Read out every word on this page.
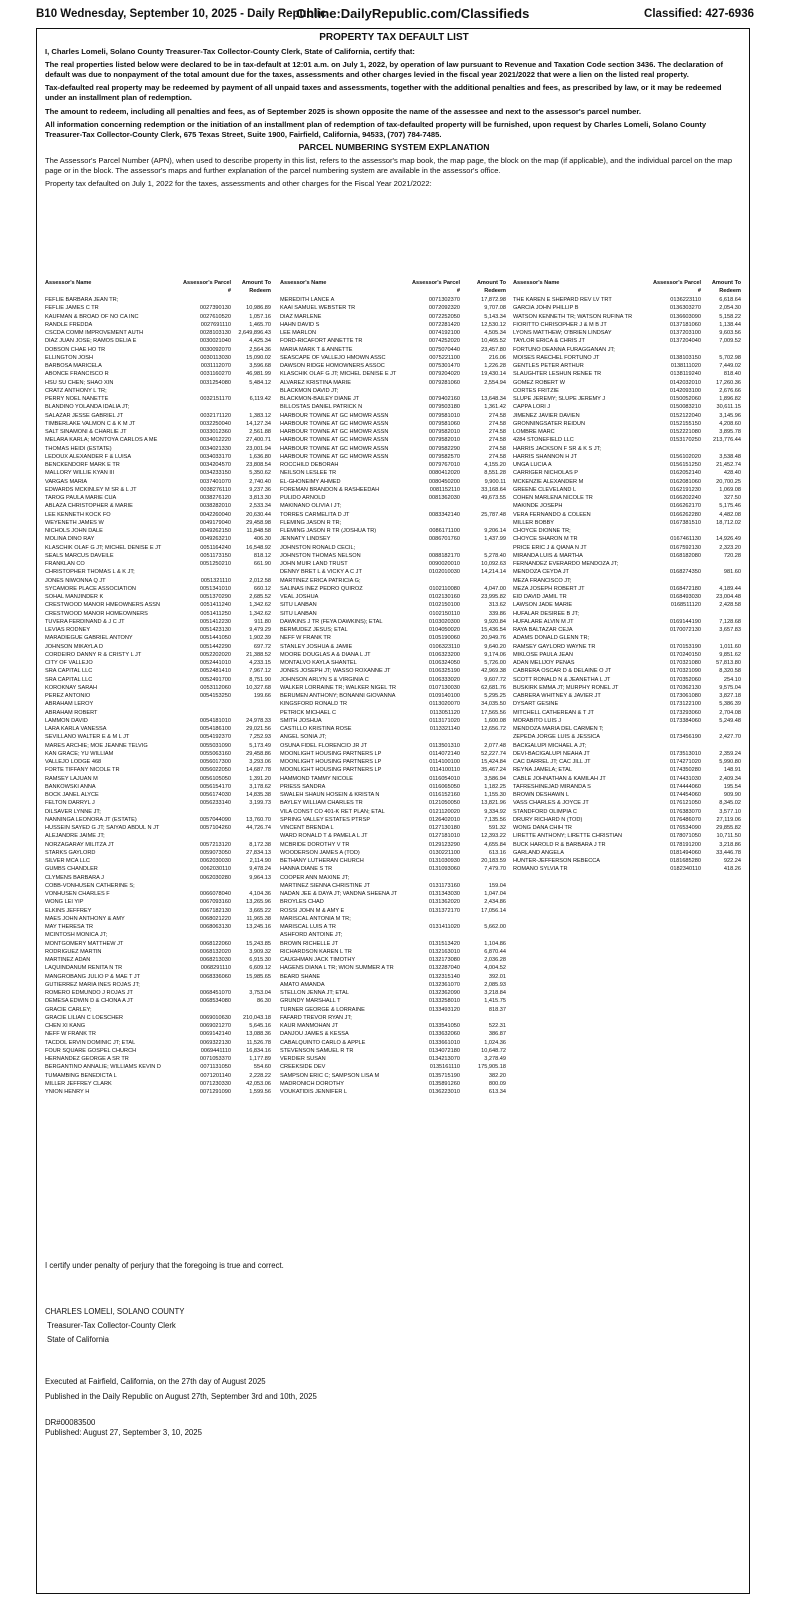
B10 Wednesday, September 10, 2025 - Daily Republic
Online:DailyRepublic.com/Classifieds	Classified: 427-6936

PROPERTY TAX DEFAULT LIST

I, Charles Lomeli, Solano County Treasurer-Tax Collector-County Clerk, State of California, certify that:

The real properties listed below were declared to be in tax-default at 12:01 a.m. on July 1, 2022, by operation of law pursuant to Revenue and Taxation Code section 3436. The declaration of default was due to nonpayment of the total amount due for the taxes, assessments and other charges levied in the fiscal year 2021/2022 that were a lien on the listed real property.

Tax-defaulted real property may be redeemed by payment of all unpaid taxes and assessments, together with the additional penalties and fees, as prescribed by law, or it may be redeemed under an installment plan of redemption.

The amount to redeem, including all penalties and fees, as of September 2025 is shown opposite the name of the assessee and next to the assessor's parcel number.

All information concerning redemption or the initiation of an installment plan of redemption of tax-defaulted property will be furnished, upon request by Charles Lomeli, Solano County Treasurer-Tax Collector-County Clerk, 675 Texas Street, Suite 1900, Fairfield, California, 94533, (707) 784-7485.

PARCEL NUMBERING SYSTEM EXPLANATION

The Assessor's Parcel Number (APN), when used to describe property in this list, refers to the assessor's map book, the map page, the block on the map (if applicable), and the individual parcel on the map page or in the block. The assessor's maps and further explanation of the parcel numbering system are available in the assessor's office.

Property tax defaulted on July 1, 2022 for the taxes, assessments and other charges for the Fiscal Year 2021/2022:

Assessor's Name	Assessor's Parcel #
Amount To Redeem
FEFLIE BARBARA JEAN TR;
FEFLIE JAMES C TR	0027390130	10,986.89
KAUFMAN & BROAD OF NO CA INC	0027610520	1,057.16
RANDLE FREDDA	0027691110	1,465.70
CSCDA COMM IMPROVEMENT AUTH	0028103130	2,649,896.43
DIAZ JUAN JOSE; RAMOS DELIA E	0030021040	4,425.34
DOBSON CHAE HO TR	0030092070	2,564.36
ELLINGTON JOSH	0030113030	15,090.02
BARBOSA MARICELA	0031112070	3,596.68
ABONCE FRANCISCO R	0031160270	46,981.99
HSU SU CHEN; SHAO XIN	0031254080	5,484.12
CRATZ ANTHONY L TR;
PERRY NOEL NANETTE	0032151170	6,119.42
BLANDINO YOLANDA IDALIA JT;
SALAZAR JESSE GABRIEL JT	0032171120	1,383.12
TIMBERLAKE VALMON C & K M JT	0032250040	14,127.34
SALT SINAMONI & CHARLIE JT	0033012360	2,561.88
MELARA KARLA; MONTOYA CARLOS A ME	0034012220	27,400.71
THOMAS HEIDI (ESTATE)	0034021330	23,001.94
LEDOUX ALEXANDER F & LUISA	0034033170	1,636.80
BENCKENDORF MARK E TR	0034204570	23,808.54
MALLORY WILLIE KYAN III	0034233150	5,350.62
VARGAS MARIA	0037401070	2,740.40
EDWARDS MCKINLEY M SR & L JT	0038276110	9,237.36
TAROG PAULA MARIE CUA	0038276120	3,813.30
ABLAZA CHRISTOPHER & MARIE	0038282010	2,533.34
LEE KENNETH KOCK FO	0042260040	20,630.44
WEYENETH JAMES W	0049179040	29,458.98
NICHOLS JOHN DALE	0049262150	11,848.58
MOLINA DINO RAY	0049263210	406.30
KLASCHIK OLAF G JT; MICHEL DENISE E JT	0051164240	16,548.92
SEALS MARCUS DAVEILE	0051173150	818.12
FRANKLAN CO	0051250210	661.90
CHRISTOPHER THOMAS L & K JT;
JONES NIWONNA Q JT	0051321110	2,012.58
SYCAMORE PLACE ASSOCIATION	0051341010	660.12
SOHAL MANJINDER K	0051370290	2,685.52
CRESTWOOD MANOR HMEOWNERS ASSN	0051411240	1,342.62
CRESTWOOD MANOR HOMEOWNERS	0051411250	1,342.62
TUVERA FERDINAND & J C JT	0051412230	911.80
LEVIAS RODNEY	0051423130	9,479.29
MARADIEGUE GABRIEL ANTONY	0051441050	1,902.39
JOHNSON MIKAYLA D	0051442290	697.72
CORDEIRO DANNY R & CRISTY L JT	0052202020	21,388.52
CITY OF VALLEJO	0052441010	4,233.15
SRA CAPITAL LLC	0052481410	7,967.12
SRA CAPITAL LLC	0052491700	8,751.90
KOROKNAY SARAH	0053112060	10,327.68
PEREZ ANTONIO	0054153250	199.66
ABRAHAM LEROY
ABRAHAM ROBERT
LAMMON DAVID	0054181010	24,978.33
LARA KARLA VANESSA	0054186100	29,021.56
SEVILLANO WALTER E & M L JT	0054192370	7,252.93
MARES ARCHIE; MOE JEANNE TELVIG	0055031090	5,173.49
KAN GRACE; YU WILLIAM	0055063160	29,458.86
VALLEJO LODGE 468	0056017300	3,293.06
FORTE TIFFANY NICOLE TR	0056022050	14,687.78
RAMSEY LAJUAN M	0056105050	1,391.20
BANKOWSKI ANNA	0056154170	3,178.62
BOCK JANEL ALYCE	0056174030	14,835.38
FELTON DARRYL J	0056233140	3,199.73
DILSAVER LYNNE JT;
NANNINGA LEONORA JT (ESTATE)	0057044090	13,760.70
HUSSEIN SAYED G JT; SAIYAD ABDUL N JT	0057104260	44,726.74
ALEJANDRE JAIME JT;
NORZAGARAY MILITZA JT	0057213120	8,172.38
STARKS GAYLORD	0059073050	27,834.13
SILVER MCA LLC	0062030030	2,114.90
GUMBS CHANDLER	0062030110	9,478.24
CLYMENS BARBARA J	0062030280	9,964.13
COBB-VONHUSEN CATHERINE S;
VONHUSEN CHARLES F	0066078040	4,104.36
WONG LEI YIP	0067093160	13,265.96
ELKINS JEFFREY	0067182130	3,665.22
MAES JOHN ANTHONY & AMY	0068021220	11,965.38
MAY THERESA TR	0068063130	13,245.16
MCINTOSH MONICA JT;
MONTGOMERY MATTHEW JT	0068122060	15,243.85
RODRIGUEZ MARTIN	0068132020	3,909.32
MARTINEZ ADAN	0068213030	6,915.30
LAQUINDANUM RENITA N TR	0068291110	6,609.12
MANGROBANG JULIO P & MAE T JT	0068336060	15,985.65
GUTIERREZ MARIA INES ROJAS JT;
ROMERO EDMUNDO J ROJAS JT	0068451070	3,753.04
DEMESA EDWIN D & CHONA A JT	0068534080	86.30
GRACIE CARLEY;
GRACIE LILIAN C LOESCHER	0069010630	210,043.18
CHEN XI KANG	0069021270	5,645.16
NEFF W FRANK TR	0069142140	13,088.36
TACDOL ERVIN DOMINIC JT; ETAL	0069322130	11,526.78
FOUR SQUARE GOSPEL CHURCH	0069441110	16,834.16
HERNANDEZ GEORGE A SR TR	0071053370	1,177.89
BERGANTINO ANNALIE; WILLIAMS KEVIN D	0071131050	554.60
TUMAMBING BENEDICTA L	0071201140	2,228.22
MILLER JEFFREY CLARK	0071230330	42,053.06
YNION HENRY H	0071291090	1,599.56
Assessor's Name	Assessor's Parcel #
Amount To Redeem
MEREDITH LANCE A	0071302370	17,872.98
KAAI SAMUEL WEBSTER TR	0072092320	9,707.08
DIAZ MARLENE	0072252050	5,143.34
HAHN DAVID S	0072281420	12,530.12
LEE MARLON	0074192100	4,505.34
FORD-RICAFORT ANNETTE TR	0074252020	10,465.52
MARIA MARK T & ANNETTE	0075070440	23,457.80
SEASCAPE OF VALLEJO HMOWN ASSC	0075221100	216.06
DAWSON RIDGE HOMOWNERS ASSOC	0075301470	1,226.28
KLASCHIK OLAF G JT; MICHEL DENISE E JT	0079204020	19,430.14
ALVAREZ KRISTINA MARIE	0079281060	2,554.94
BLACKMON DAVID JT;
BLACKMON-BAILEY DIANE JT	0079402160	13,648.34
BILLOSTAS DANIEL PATRICK N	0079503180	1,361.42
HARBOUR TOWNE AT GC HMOWR ASSN	0079581010	274.58
HARBOUR TOWNE AT GC HMOWR ASSN	0079581060	274.58
HARBOUR TOWNE AT GC HMOWR ASSN	0079582010	274.58
HARBOUR TOWNE AT GC HMOWR ASSN	0079582010	274.58
HARBOUR TOWNE AT GC HMOWR ASSN	0079582290	274.58
HARBOUR TOWNE AT GC HMOWR ASSN	0079582570	274.58
ROCCHILD DEBORAH	0079767010	4,155.20
NEILSON LESLEE TR	0080412020	8,551.28
EL-GHONEIMY AHMED	0080450200	9,900.11
FOREMAN BRANDON & RASHEEDAH	0081152110	33,168.64
PULIDO ARNOLD	0081362030	49,673.55
MAKINANO OLIVIA I JT;
TORRES CARMELITA D JT	0083342140	25,787.48
FLEMING JASON R TR;
FLEMING JASON R TR (JOSHUA TR)	0086171100	9,206.14
JENNATY LINDSEY	0086701760	1,437.99
JOHNSTON RONALD CECIL;
JOHNSTON THOMAS NELSON	0088182170	5,278.40
JOHN MUIR LAND TRUST	0090020010	10,092.63
DENNY BRET L & VICKY A C JT	0102010030	14,214.14
MARTINEZ ERICA PATRICIA G;
SALINAS INEZ PEDRO QUIROZ	0102110080	4,047.00
VEAL JOSHUA	0102130160	23,995.82
SITU LANBAN	0102150100	313.62
SITU LANBAN	0102150110	339.86
DAWKINS J TR (FEYA DAWKINS); ETAL	0103020300	9,920.84
BERMUDEZ JESUS; ETAL	0104050020	15,436.54
NEFF W FRANK TR	0105190060	20,949.76
STANLEY JOSHUA & JAMIE	0106323110	9,640.20
MOORE DOUGLAS A & DIANA L JT	0106323200	9,174.06
MONTALVO KAYLA SHANTEL	0106324050	5,726.00
JONES JOSEPH JT; WASSO ROXANNE JT	0106325190	42,969.38
JOHNSON ARLYN S & VIRGINIA C	0106333020	9,607.72
WALKER LORRAINE TR; WALKER NIGEL TR	0107130030	62,681.76
BERUMEN ANTHONY; BONANNI GIOVANNA	0109140100	5,295.25
KINGSFORD RONALD TR	0113020070	34,035.50
PETRICK MICHAEL C	0113051120	17,565.56
SMITH JOSHUA	0113171020	1,600.08
CASTILLO KRISTINA ROSE	0113321140	12,656.72
ANGEL SONIA JT;
OSUNA FIDEL FLORENCIO JR JT	0113501310	2,077.48
MOONLIGHT HOUSING PARTNERS LP	0114072140	52,227.74
MOONLIGHT HOUSING PARTNERS LP	0114100100	15,424.84
MOONLIGHT HOUSING PARTNERS LP	0114100110	35,467.24
HAMMOND TAMMY NICOLE	0116054010	3,586.94
PRIESS SANDRA	0116065050	1,182.25
SWALEH SHAUN HOSEIN & KRISTA N	0116152160	1,155.30
BAYLEY WILLIAM CHARLES TR	0121050050	13,821.96
VILA CONST CO 401-K RET PLAN; ETAL	0121120020	9,334.92
SPRING VALLEY ESTATES PTRSP	0126402010	7,135.56
VINCENT BRENDA L	0127130180	591.32
WARD RONALD T & PAMELA L JT	0127181010	12,393.22
MCBRIDE DOROTHY V TR	0129123290	4,655.84
WOODERSON JAMES A (TOD)	0130221100	613.16
BETHANY LUTHERAN CHURCH	0131030930	20,183.59
HANNA DIANE S TR	0131093060	7,479.70
COOPER ANN MAXINE JT;
MARTINEZ SIENNA CHRISTINE JT	0131173160	159.04
NADAN JEE & DAYA JT; VANDNA SHEENA JT	0131343030	1,047.04
BROYLES CHAD	0131362020	2,434.86
ROSSI JOHN M & AMY E	0131372170	17,056.14
MARISCAL ANTONIA M TR;
MARISCAL LUIS A TR	0131411020	5,662.00
ASHFORD ANTOINE JT;
BROWN RICHELLE JT	0131513420	1,104.86
RICHARDSON KAREN L TR	0132163010	6,870.44
CAUGHMAN JACK TIMOTHY	0132173080	2,036.28
HAGENS DIANA L TR; WION SUMMER A TR	0132287040	4,004.52
BEARD SHANE	0132315140	392.01
AMATO AMANDA	0132361070	2,085.93
STELLON JENNA JT; ETAL	0132362090	3,218.84
GRUNDY MARSHALL T	0133258010	1,415.75
TURNER GEORGE & LORRAINE	0133493120	818.37
FAFARD TREVOR RYAN JT;
KAUR MANMOHAN JT	0133541050	522.31
DANJOU JAMES & KESSA	0133632060	386.87
CABALQUINTO CARLO & APPLE	0133661010	1,024.36
STEVENSON SAMUEL R TR	0134072180	10,648.72
VERDIER SUSAN	0134213070	3,278.49
CREEKSIDE DEV	0135161110	175,905.18
SAMPSON ERIC C; SAMPSON LISA M	0135715190	382.20
MADRONICH DOROTHY	0135891260	800.09
VOUKATIDIS JENNIFER L	0136223010	613.34
Assessor's Name	Assessor's Parcel #
Amount To Redeem
THE KAREN E SHEPARD REV LV TRT	0136223110	6,618.64
GARCIA JOHN PHILLIP B	0136303270	2,054.30
WATSON KENNETH TR; WATSON RUFINA TR	0136603090	5,158.22
FIORITTO CHRISOPHER J & M B JT	0137181060	1,138.44
LYONS MATTHEW; O'BRIEN LINDSAY	0137203100	9,603.56
TAYLOR ERICA & CHRIS JT	0137204040	7,009.52
FORTUNO DEANNA FURAGGANAN JT;
MOISES RAECHEL FORTUNO JT	0138103150	5,702.98
GENTLES PETER ARTHUR	0138111020	7,449.02
SLAUGHTER LESHUN RENEE TR	0138119240	818.40
GOMEZ ROBERT W	0142032010	17,260.36
CORTES FRITZIE	0142093100	2,676.66
SLUPE JEREMY; SLUPE JEREMY J	0150052060	1,896.82
CAPPA LORI J	0150083210	30,611.15
JIMENEZ JAVIER DAVIEN	0152122040	3,145.96
GRONNINGSATER REIDUN	0152155150	4,208.60
LOMBRE MARC	0152221080	3,895.78
4284 STONEFIELD LLC	0153170250	213,776.44
HARRIS JACKSON F SR & K S JT;
HARRIS SHANNON H JT	0156102020	3,538.48
UNGA LUCIA A	0156151250	21,452.74
CARRIGER NICHOLAS P	0162052140	428.40
MCKENZIE ALEXANDER M	0162081060	20,700.25
GREENE CLEVELAND L	0162191230	1,069.08
COHEN MARLENA NICOLE TR	0166202240	327.50
MAKINDE JOSEPH	0166262170	5,175.46
VERA FERNANDO & COLEEN	0166262280	4,482.08
MILLER BOBBY	0167381510	18,712.02
CHOYCE DIONNE TR;
CHOYCE SHARON M TR	0167461130	14,926.49
PRICE ERIC J & QIANA N JT	0167592130	2,323.20
MIRANDA LUIS & MARTHA	0168182080	720.28
FERNANDEZ EVERARDO MENDOZA JT;
MENDOZA CEYDA JT	0168274350	981.60
MEZA FRANCISCO JT;
MEZA JOSEPH ROBERT JT	0168472180	4,189.44
EID DAVID JAMIL TR	0168493030	23,004.48
LAWSON JADE MARIE	0168511120	2,428.58
HUFALAR DESIREE B JT;
HUFALARE ALVIN M JT	0169144190	7,128.68
RAYA BALTAZAR CEJA	0170072130	3,657.83
ADAMS DONALD GLENN TR;
RAMSEY GAYLORD WAYNE TR	0170153190	1,011.60
MIKLOSE PAULA JEAN	0170240150	9,851.62
ADAN MELIJOY PENAS	0170321080	57,813.80
CABRERA OSCAR D & DELAINE O JT	0170321090	8,320.58
SCOTT RONALD N & JEANETHA L JT	0170352060	254.10
BUSKIRK EMMA JT; MURPHY RONEL JT	0170362130	9,575.04
CABRERA WHITNEY & JAVIER JT	0173061080	3,827.18
DYSART GESINE	0173122100	5,386.39
MITCHELL CATHEREAN & T JT	0173293060	2,704.08
MORABITO LUIS J	0173384060	5,249.48
MENDOZA MARIA DEL CARMEN T;
ZEPEDA JORGE LUIS & JESSICA	0173456190	2,427.70
BACIGALUPI MICHAEL A JT;
DEVI-BACIGALUPI NEAHA JT	0173513010	2,359.24
CAC DARREL JT; CAC JILL JT	0174271020	5,990.80
REYNA JAMELA; ETAL	0174350280	148.91
CABLE JOHNATHAN & KAMILAH JT	0174431030	2,409.34
TAFRESHINEJAD MIRANDA S	0174444060	195.54
BROWN DESHAWN L	0174454060	909.90
VASS CHARLES & JOYCE JT	0176121050	8,345.02
STANDFORD OLIMPIA C	0176383070	3,577.10
DRURY RICHARD N (TOD)	0176486070	27,119.06
WONG DANA CHIH TR	0176534090	29,855.82
LIRETTE ANTHONY; LIRETTE CHRISTIAN	0178071050	10,711.50
BUCK HAROLD R & BARBARA J TR	0178191200	3,218.86
GARLAND ANGELA	0181494060	33,446.78
HUNTER-JEFFERSON REBECCA	0181685280	922.24
ROMANO SYLVIA TR	0182340110	418.26

I certify under penalty of perjury that the foregoing is true and correct.

CHARLES LOMELI, SOLANO COUNTY

Treasurer-Tax Collector-County Clerk

State of California

Executed at Fairfield, California, on the 27th day of August 2025

Published in the Daily Republic on August 27th, September 3rd and 10th, 2025

DR#00083500

Published: August 27, September 3, 10, 2025
